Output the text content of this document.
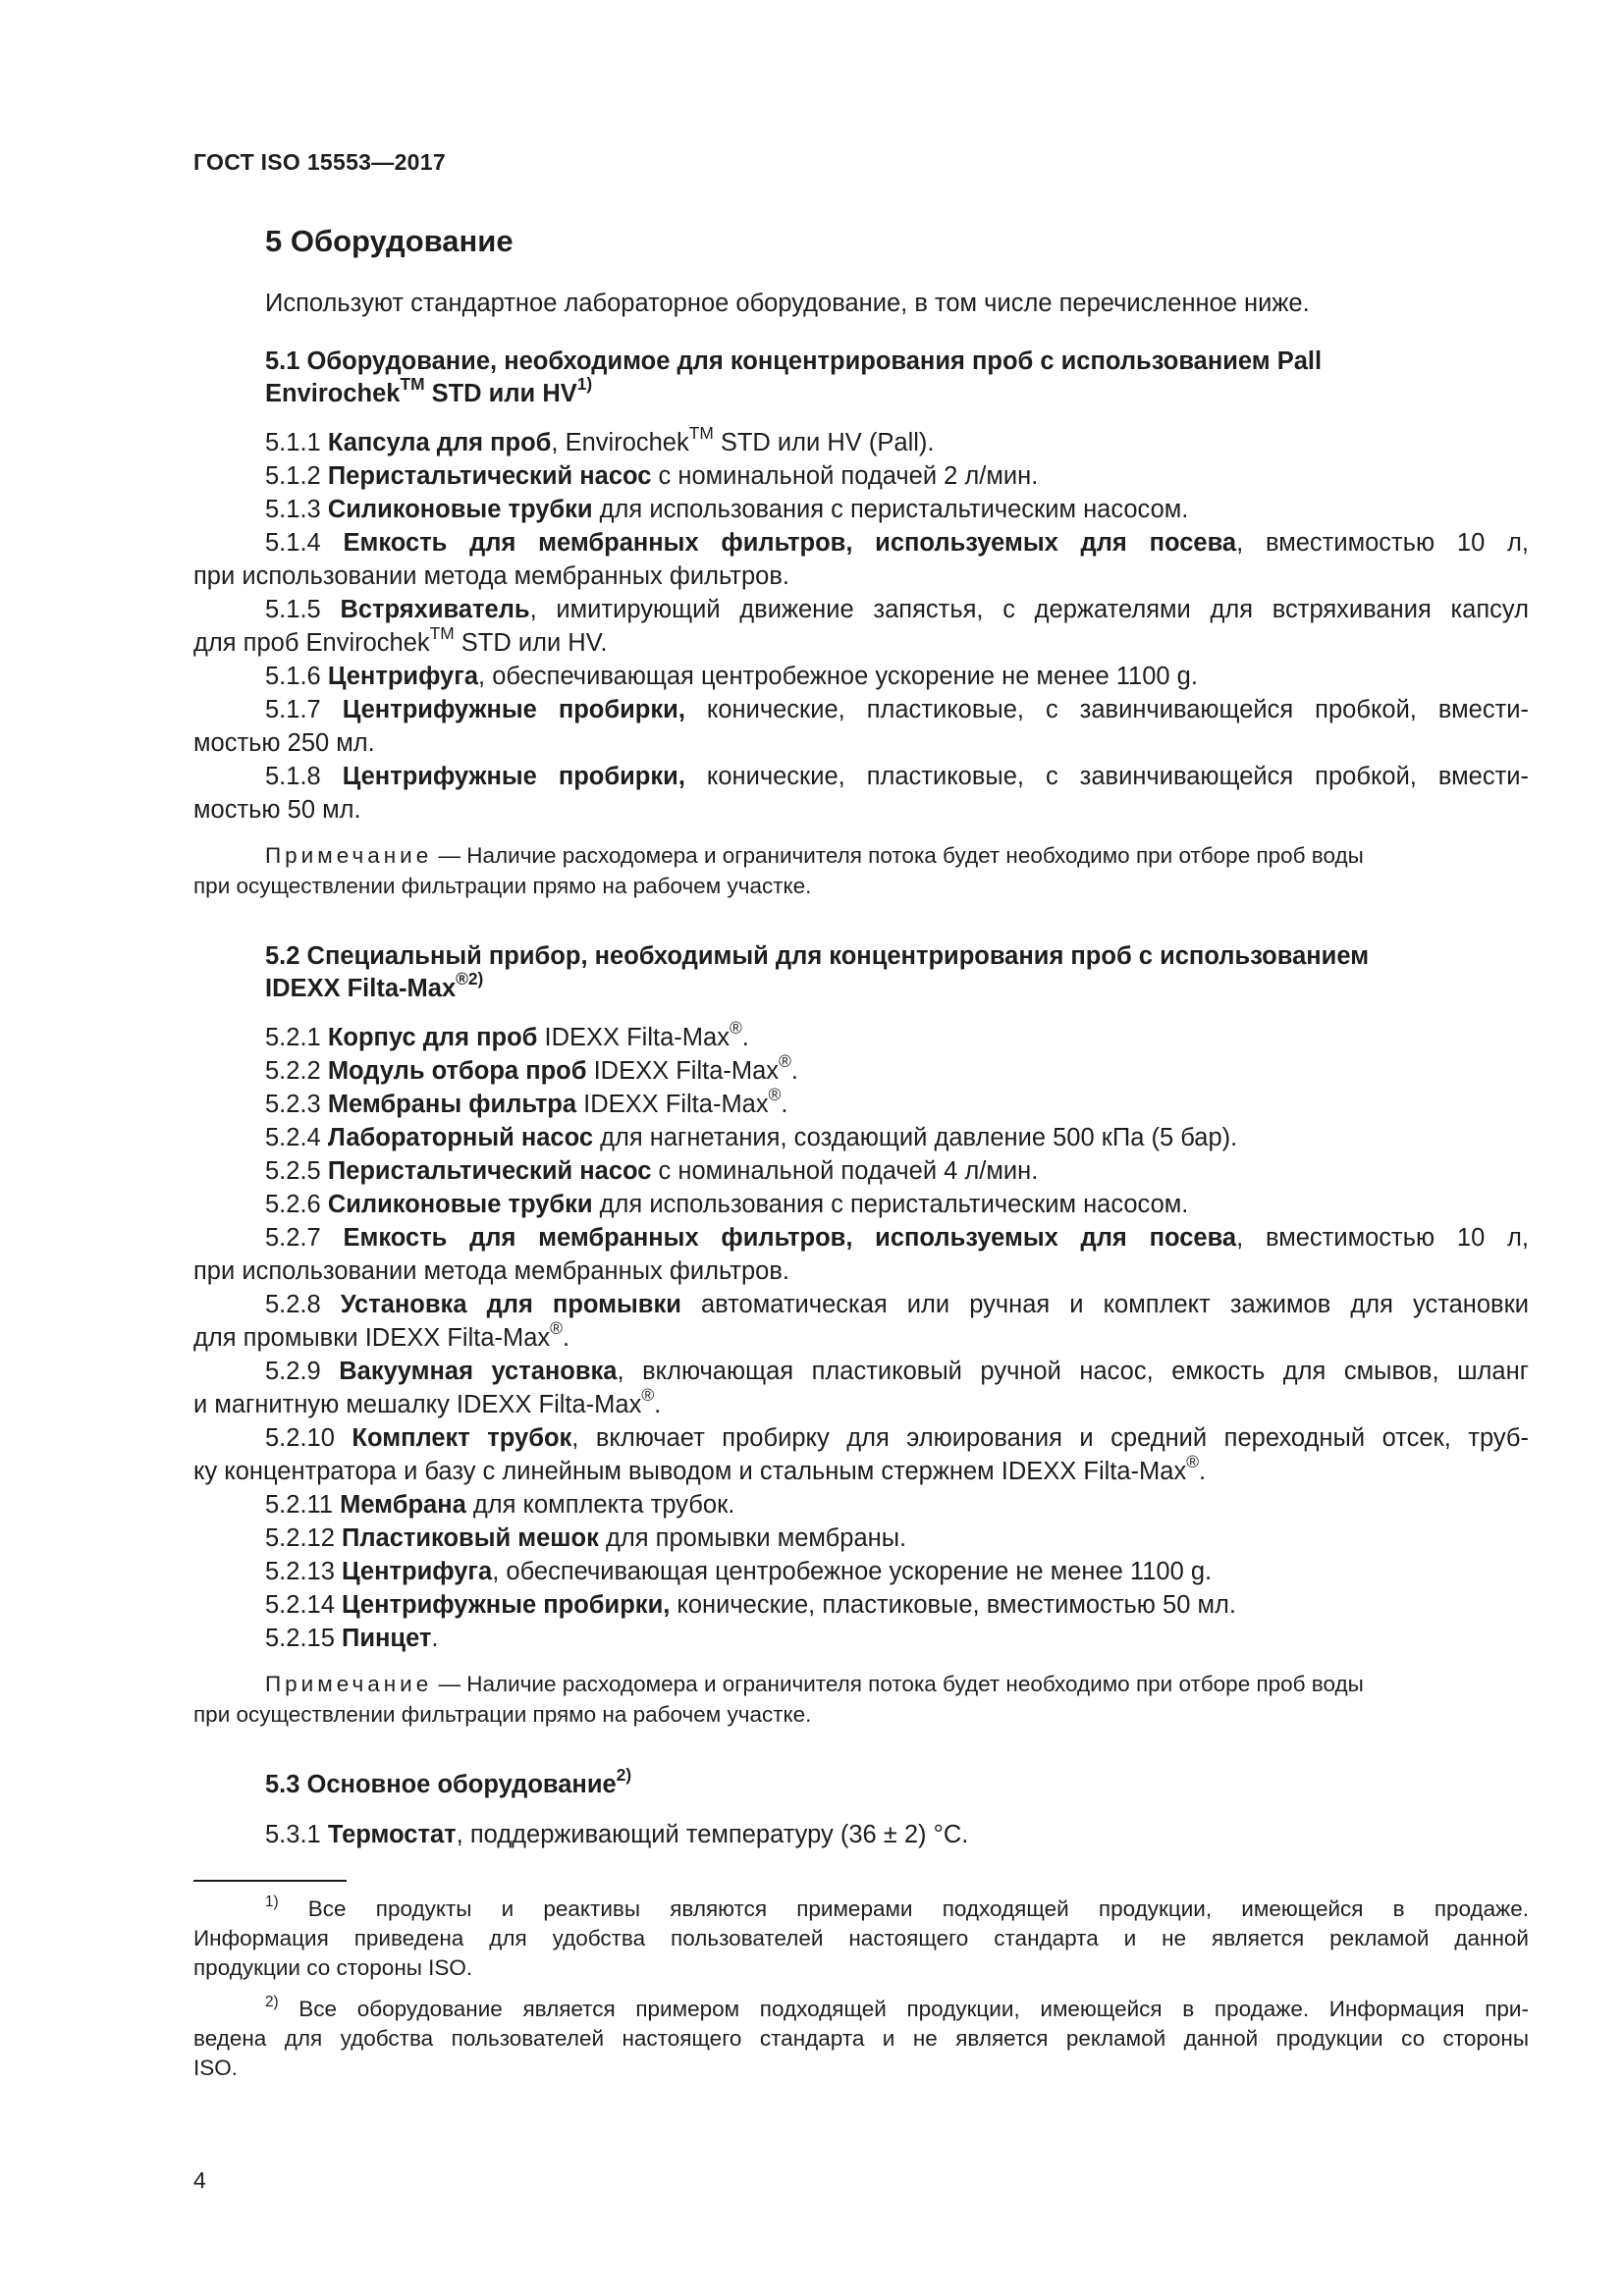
ГОСТ ISO 15553—2017
5 Оборудование

Используют стандартное лабораторное оборудование, в том числе перечисленное ниже.

5.1 Оборудование, необходимое для концентрирования проб с использованием Pall
Envirochek™ STD или HV$^{1)}$

5.1.1 Капсула для проб, Envirochek™ STD или HV (Pall).

5.1.2 Перистальтический насос с номинальной подачей 2 л/мин.

5.1.3 Силиконовые трубки для использования с перистальтическим насосом.

5.1.4 Емкость для мембранных фильтров, используемых для посева, вместимостью 10 л,

при использовании метода мембранных фильтров.

5.1.5 Встряхиватель, имитирующий движение запястья, с держателями для встряхивания капсул

для проб Envirochek™ STD или HV.

5.1.6 Центрифуга, обеспечивающая центробежное ускорение не менее 1100 g.

5.1.7 Центрифужные пробирки, конические, пластиковые, с завинчивающейся пробкой, вмести-

мостью 250 мл.

5.1.8 Центрифужные пробирки, конические, пластиковые, с завинчивающейся пробкой, вмести-

мостью 50 мл.

Примечание — Наличие расходомера и ограничителя потока будет необходимо при отборе проб воды
при осуществлении фильтрации прямо на рабочем участке.
5.2 Специальный прибор, необходимый для концентрирования проб с использованием
IDEXX Filta-Max$^{®2)}$

5.2.1 Корпус для проб IDEXX Filta-Max®.

5.2.2 Модуль отбора проб IDEXX Filta-Max®.

5.2.3 Мембраны фильтра IDEXX Filta-Max®.

5.2.4 Лабораторный насос для нагнетания, создающий давление 500 кПа (5 бар).

5.2.5 Перистальтический насос с номинальной подачей 4 л/мин.

5.2.6 Силиконовые трубки для использования с перистальтическим насосом.

5.2.7 Емкость для мембранных фильтров, используемых для посева, вместимостью 10 л,

при использовании метода мембранных фильтров.

5.2.8 Установка для промывки автоматическая или ручная и комплект зажимов для установки

для промывки IDEXX Filta-Max®.

5.2.9 Вакуумная установка, включающая пластиковый ручной насос, емкость для смывов, шланг

и магнитную мешалку IDEXX Filta-Max®.

5.2.10 Комплект трубок, включает пробирку для элюирования и средний переходный отсек, труб-

ку концентратора и базу с линейным выводом и стальным стержнем IDEXX Filta-Max®.

5.2.11 Мембрана для комплекта трубок.

5.2.12 Пластиковый мешок для промывки мембраны.

5.2.13 Центрифуга, обеспечивающая центробежное ускорение не менее 1100 g.

5.2.14 Центрифужные пробирки, конические, пластиковые, вместимостью 50 мл.

5.2.15 Пинцет.

Примечание — Наличие расходомера и ограничителя потока будет необходимо при отборе проб воды
при осуществлении фильтрации прямо на рабочем участке.
5.3 Основное оборудование$^{2)}$

5.3.1 Термостат, поддерживающий температуру (36 ± 2) °C.

$^{1)}$ Все продукты и реактивы являются примерами подходящей продукции, имеющейся в продаже.
Информация приведена для удобства пользователей настоящего стандарта и не является рекламой данной
продукции со стороны ISO.
$^{2)}$ Все оборудование является примером подходящей продукции, имеющейся в продаже. Информация при-
ведена для удобства пользователей настоящего стандарта и не является рекламой данной продукции со стороны
ISO.
4
